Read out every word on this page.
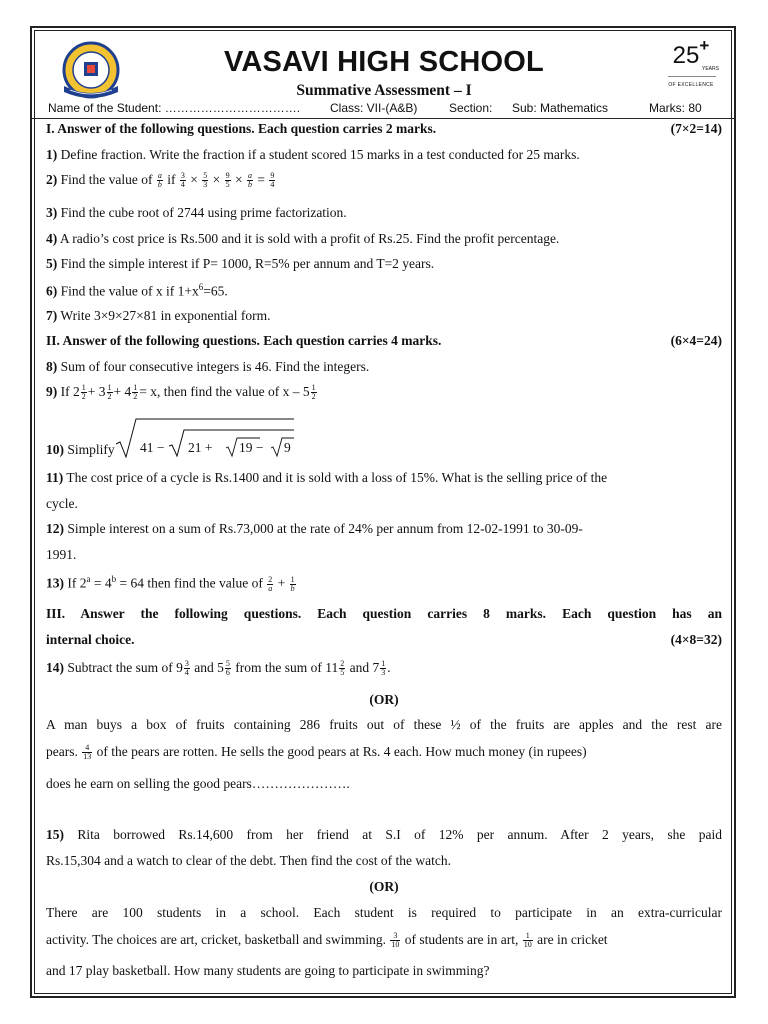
VASAVI HIGH SCHOOL
Summative Assessment – I
25+
YEARS
OF EXCELLENCE
Name of the Student: ……………………………. Class: VII-(A&B)	Section: Sub: Mathematics	Marks: 80
I. Answer of the following questions. Each question carries 2 marks.	(7×2=14)
1) Define fraction. Write the fraction if a student scored 15 marks in a test conducted for 25 marks.
2) Find the value of $\frac{a}{b}$ if $\frac{3}{4} \times \frac{5}{3} \times \frac{9}{5} \times \frac{a}{b} = \frac{9}{4}$
3) Find the cube root of 2744 using prime factorization.
4) A radio’s cost price is Rs.500 and it is sold with a profit of Rs.25. Find the profit percentage.
5) Find the simple interest if P= 1000, R=5% per annum and T=2 years.
6) Find the value of x if $1+x^6=65$.
7) Write 3×9×27×81 in exponential form.
II. Answer of the following questions. Each question carries 4 marks.	(6×4=24)
8) Sum of four consecutive integers is 46. Find the integers.
9) If $2 \frac{1}{2} + 3 \frac{1}{2} + 4 \frac{1}{2} = x$, then find the value of x – $5 \frac{1}{2}$
10) Simplify	41 − 21 + 19 − 9
11) The cost price of a cycle is Rs.1400 and it is sold with a loss of 15%. What is the selling price of the
cycle.
12) Simple interest on a sum of Rs.73,000 at the rate of 24% per annum from 12-02-1991 to 30-09-
1991.
13) If $2^a = 4^b = 64$ then find the value of $\frac{2}{a} + \frac{1}{b}$
III. Answer the following questions. Each question carries 8 marks. Each question has an
internal choice.	(4×8=32)
14) Subtract the sum of $9 \frac{3}{4}$ and $5 \frac{5}{6}$ from the sum of $11 \frac{2}{5}$ and $7 \frac{1}{3}$ .
(OR)
A man buys a box of fruits containing 286 fruits out of these ½ of the fruits are apples and the rest are
pears. $\frac{4}{13}$ of the pears are rotten. He sells the good pears at Rs. 4 each. How much money (in rupees)
does he earn on selling the good pears………………….
15) Rita borrowed Rs.14,600 from her friend at S.I of 12% per annum. After 2 years, she paid
Rs.15,304 and a watch to clear of the debt. Then find the cost of the watch.
(OR)
There are 100 students in a school. Each student is required to participate in an extra-curricular
activity. The choices are art, cricket, basketball and swimming. $\frac{3}{10}$ of students are in art, $\frac{1}{10}$ are in cricket
and 17 play basketball. How many students are going to participate in swimming?
